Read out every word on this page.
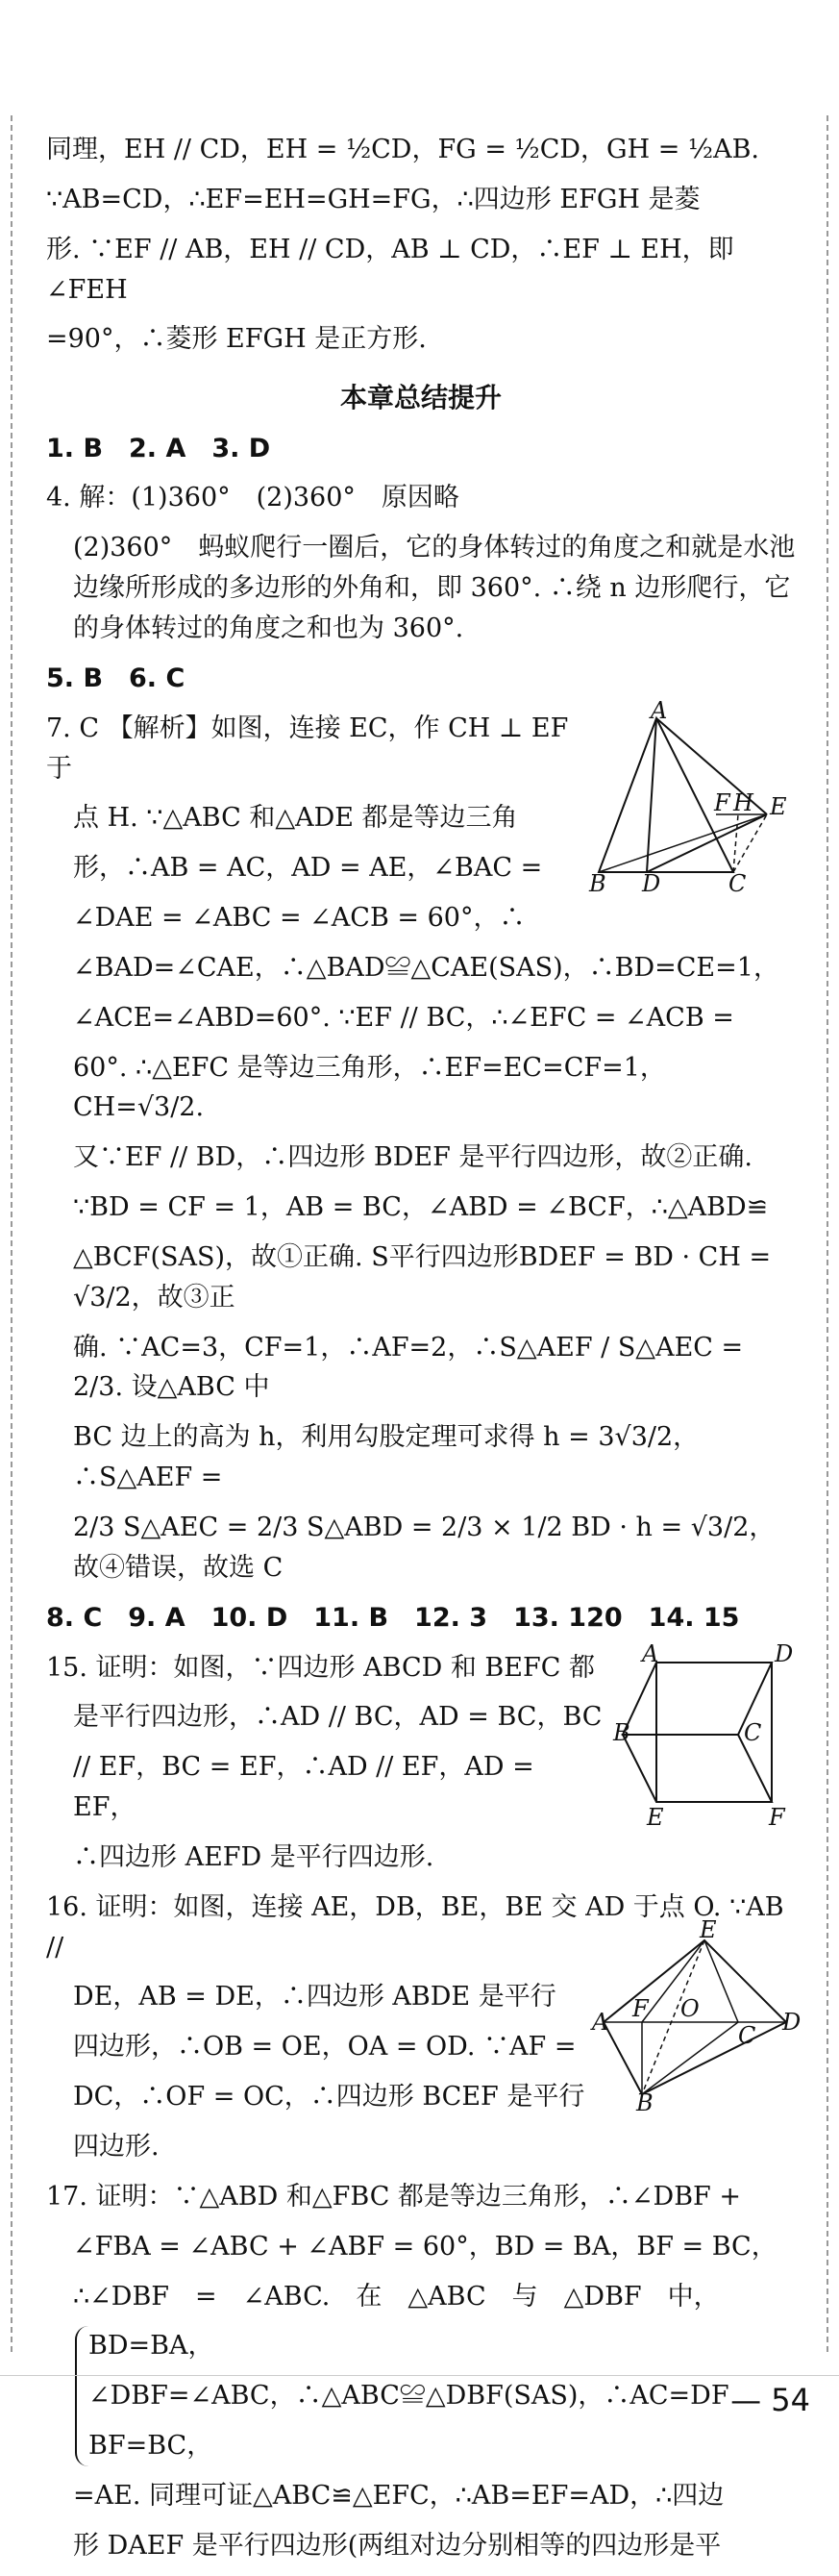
同理，EH // CD，EH = ½CD，FG = ½CD，GH = ½AB.

∵AB=CD，∴EF=EH=GH=FG，∴四边形 EFGH 是菱

形. ∵EF // AB，EH // CD，AB ⊥ CD，∴EF ⊥ EH，即∠FEH

=90°，∴菱形 EFGH 是正方形.

本章总结提升

1. B　2. A　3. D

4. 解：(1)360°　(2)360°　原因略

(2)360°　蚂蚁爬行一圈后，它的身体转过的角度之和就是水池边缘所形成的多边形的外角和，即 360°. ∴绕 n 边形爬行，它的身体转过的角度之和也为 360°.

5. B　6. C

7. C 【解析】如图，连接 EC，作 CH ⊥ EF 于

点 H. ∵△ABC 和△ADE 都是等边三角

形，∴AB = AC，AD = AE，∠BAC =

∠DAE = ∠ABC = ∠ACB = 60°，∴

A
B D	C
F H E

∠BAD=∠CAE，∴△BAD≌△CAE(SAS)，∴BD=CE=1，

∠ACE=∠ABD=60°. ∵EF // BC，∴∠EFC = ∠ACB =

60°. ∴△EFC 是等边三角形，∴EF=EC=CF=1，CH=√3/2.

又∵EF // BD，∴四边形 BDEF 是平行四边形，故②正确.

∵BD = CF = 1，AB = BC，∠ABD = ∠BCF，∴△ABD≌

△BCF(SAS)，故①正确. S平行四边形BDEF = BD · CH = √3/2，故③正

确. ∵AC=3，CF=1，∴AF=2，∴S△AEF / S△AEC = 2/3. 设△ABC 中

BC 边上的高为 h，利用勾股定理可求得 h = 3√3/2，∴S△AEF =

2/3 S△AEC = 2/3 S△ABD = 2/3 × 1/2 BD · h = √3/2，故④错误，故选 C

8. C　9. A　10. D　11. B　12. 3　13. 120　14. 15

15. 证明：如图，∵四边形 ABCD 和 BEFC 都

是平行四边形，∴AD // BC，AD = BC，BC

// EF，BC = EF，∴AD // EF，AD = EF，

∴四边形 AEFD 是平行四边形.

A	D
B	C
E	F

16. 证明：如图，连接 AE，DB，BE，BE 交 AD 于点 O. ∵AB //

DE，AB = DE，∴四边形 ABDE 是平行

四边形，∴OB = OE，OA = OD. ∵AF =

DC，∴OF = OC，∴四边形 BCEF 是平行

四边形.

E
A F O
C D
B

17. 证明：∵△ABD 和△FBC 都是等边三角形，∴∠DBF +

∠FBA = ∠ABC + ∠ABF = 60°，BD = BA，BF = BC，

∴∠DBF　=　∠ABC.　在　△ABC　与　△DBF　中，

BD=BA，

∠DBF=∠ABC，∴△ABC≌△DBF(SAS)，∴AC=DF

BF=BC，

=AE. 同理可证△ABC≌△EFC，∴AB=EF=AD，∴四边

形 DAEF 是平行四边形(两组对边分别相等的四边形是平

— 54
